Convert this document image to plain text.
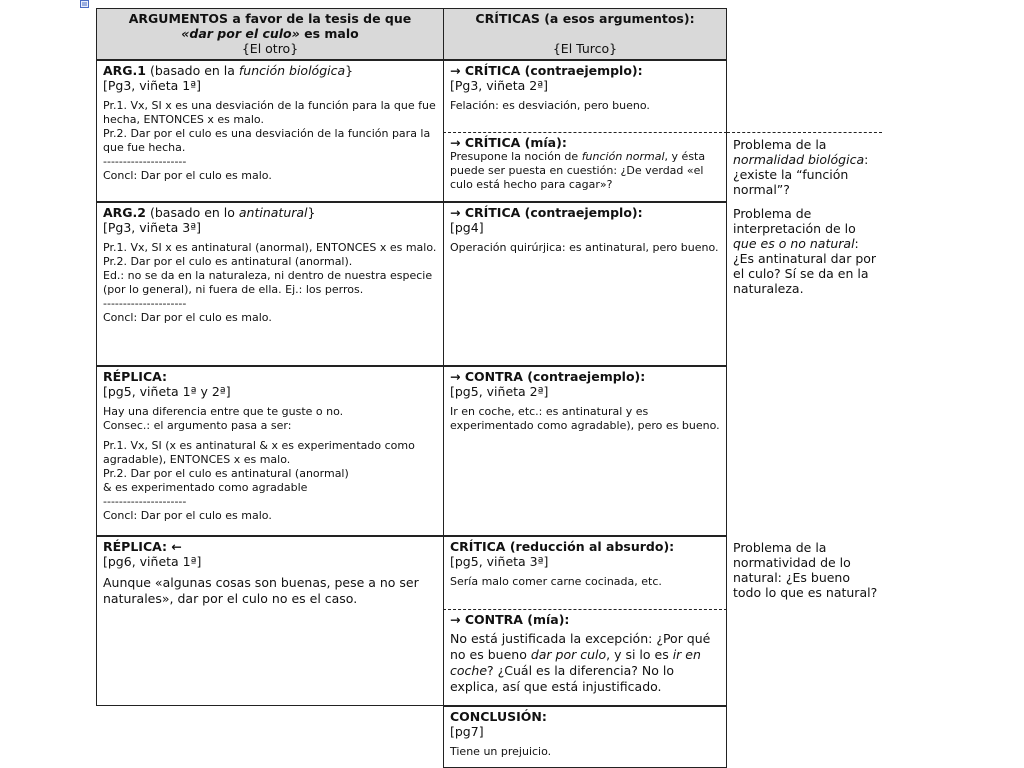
ARGUMENTOS a favor de la tesis de que
«dar por el culo» es malo
{El otro}
CRÍTICAS (a esos argumentos):
{El Turco}
ARG.1 (basado en la función biológica}
[Pg3, viñeta 1ª]

Pr.1. Vx, SI x es una desviación de la función para la que fue hecha, ENTONCES x es malo.

Pr.2. Dar por el culo es una desviación de la función para la que fue hecha.

---------------------

Concl: Dar por el culo es malo.

→ CRÍTICA (contraejemplo):
[Pg3, viñeta 2ª]

Felación: es desviación, pero bueno.

→ CRÍTICA (mía):

Presupone la noción de función normal, y ésta puede ser puesta en cuestión: ¿De verdad «el culo está hecho para cagar»?

Problema de la normalidad biológica: ¿existe la “función normal”?
ARG.2 (basado en lo antinatural}
[Pg3, viñeta 3ª]

Pr.1. Vx, SI x es antinatural (anormal), ENTONCES x es malo.

Pr.2. Dar por el culo es antinatural (anormal).

Ed.: no se da en la naturaleza, ni dentro de nuestra especie (por lo general), ni fuera de ella. Ej.: los perros.

---------------------

Concl: Dar por el culo es malo.

→ CRÍTICA (contraejemplo):
[pg4]

Operación quirúrjica: es antinatural, pero bueno.

Problema de interpretación de lo que es o no natural: ¿Es antinatural dar por el culo? Sí se da en la naturaleza.
RÉPLICA:
[pg5, viñeta 1ª y 2ª]

Hay una diferencia entre que te guste o no.

Consec.: el argumento pasa a ser:

Pr.1. Vx, SI (x es antinatural & x es experimentado como agradable), ENTONCES x es malo.

Pr.2. Dar por el culo es antinatural (anormal)

& es experimentado como agradable

---------------------

Concl: Dar por el culo es malo.

→ CONTRA (contraejemplo):
[pg5, viñeta 2ª]

Ir en coche, etc.: es antinatural y es experimentado como agradable), pero es bueno.

RÉPLICA: ←
[pg6, viñeta 1ª]

Aunque «algunas cosas son buenas, pese a no ser naturales», dar por el culo no es el caso.

CRÍTICA (reducción al absurdo):
[pg5, viñeta 3ª]

Sería malo comer carne cocinada, etc.

→ CONTRA (mía):

No está justificada la excepción: ¿Por qué no es bueno dar por culo, y si lo es ir en coche? ¿Cuál es la diferencia? No lo explica, así que está injustificado.

Problema de la normatividad de lo natural: ¿Es bueno todo lo que es natural?
CONCLUSIÓN:
[pg7]

Tiene un prejuicio.
